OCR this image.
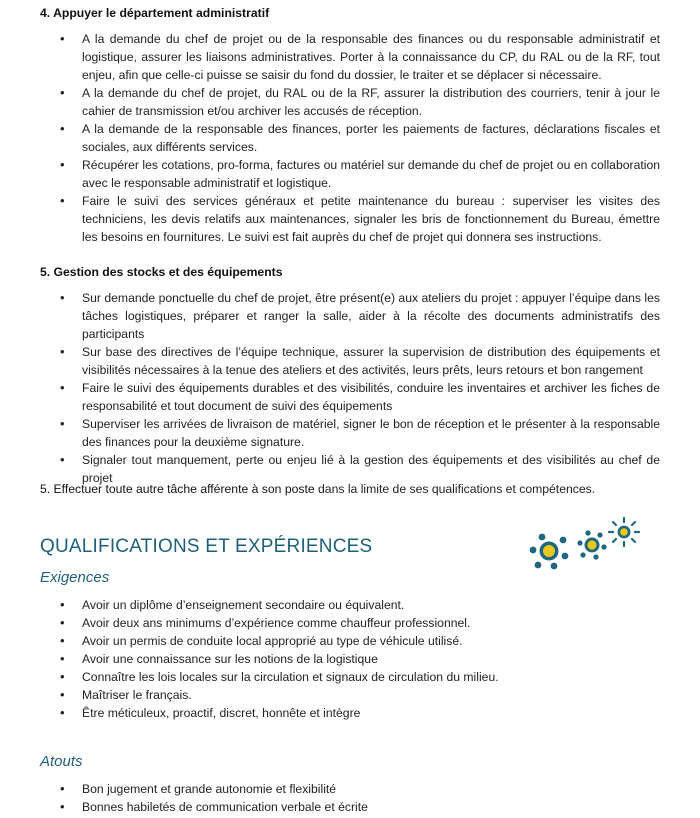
4. Appuyer le département administratif
• A la demande du chef de projet ou de la responsable des finances ou du responsable administratif et logistique, assurer les liaisons administratives. Porter à la connaissance du CP, du RAL ou de la RF, tout enjeu, afin que celle-ci puisse se saisir du fond du dossier, le traiter et se déplacer si nécessaire.
• A la demande du chef de projet, du RAL ou de la RF, assurer la distribution des courriers, tenir à jour le cahier de transmission et/ou archiver les accusés de réception.
• A la demande de la responsable des finances, porter les paiements de factures, déclarations fiscales et sociales, aux différents services.
• Récupérer les cotations, pro-forma, factures ou matériel sur demande du chef de projet ou en collaboration avec le responsable administratif et logistique.
• Faire le suivi des services généraux et petite maintenance du bureau : superviser les visites des techniciens, les devis relatifs aux maintenances, signaler les bris de fonctionnement du Bureau, émettre les besoins en fournitures. Le suivi est fait auprès du chef de projet qui donnera ses instructions.
5. Gestion des stocks et des équipements
• Sur demande ponctuelle du chef de projet, être présent(e) aux ateliers du projet : appuyer l’équipe dans les tâches logistiques, préparer et ranger la salle, aider à la récolte des documents administratifs des participants
• Sur base des directives de l’équipe technique, assurer la supervision de distribution des équipements et visibilités nécessaires à la tenue des ateliers et des activités, leurs prêts, leurs retours et bon rangement
• Faire le suivi des équipements durables et des visibilités, conduire les inventaires et archiver les fiches de responsabilité et tout document de suivi des équipements
• Superviser les arrivées de livraison de matériel, signer le bon de réception et le présenter à la responsable des finances pour la deuxième signature.
• Signaler tout manquement, perte ou enjeu lié à la gestion des équipements et des visibilités au chef de projet

5. Effectuer toute autre tâche afférente à son poste dans la limite de ses qualifications et compétences.

QUALIFICATIONS ET EXPÉRIENCES
Exigences
• Avoir un diplôme d’enseignement secondaire ou équivalent.
• Avoir deux ans minimums d’expérience comme chauffeur professionnel.
• Avoir un permis de conduite local approprié au type de véhicule utilisé.
• Avoir une connaissance sur les notions de la logistique
• Connaître les lois locales sur la circulation et signaux de circulation du milieu.
• Maîtriser le français.
• Être méticuleux, proactif, discret, honnête et intègre
Atouts
• Bon jugement et grande autonomie et flexibilité
• Bonnes habiletés de communication verbale et écrite
